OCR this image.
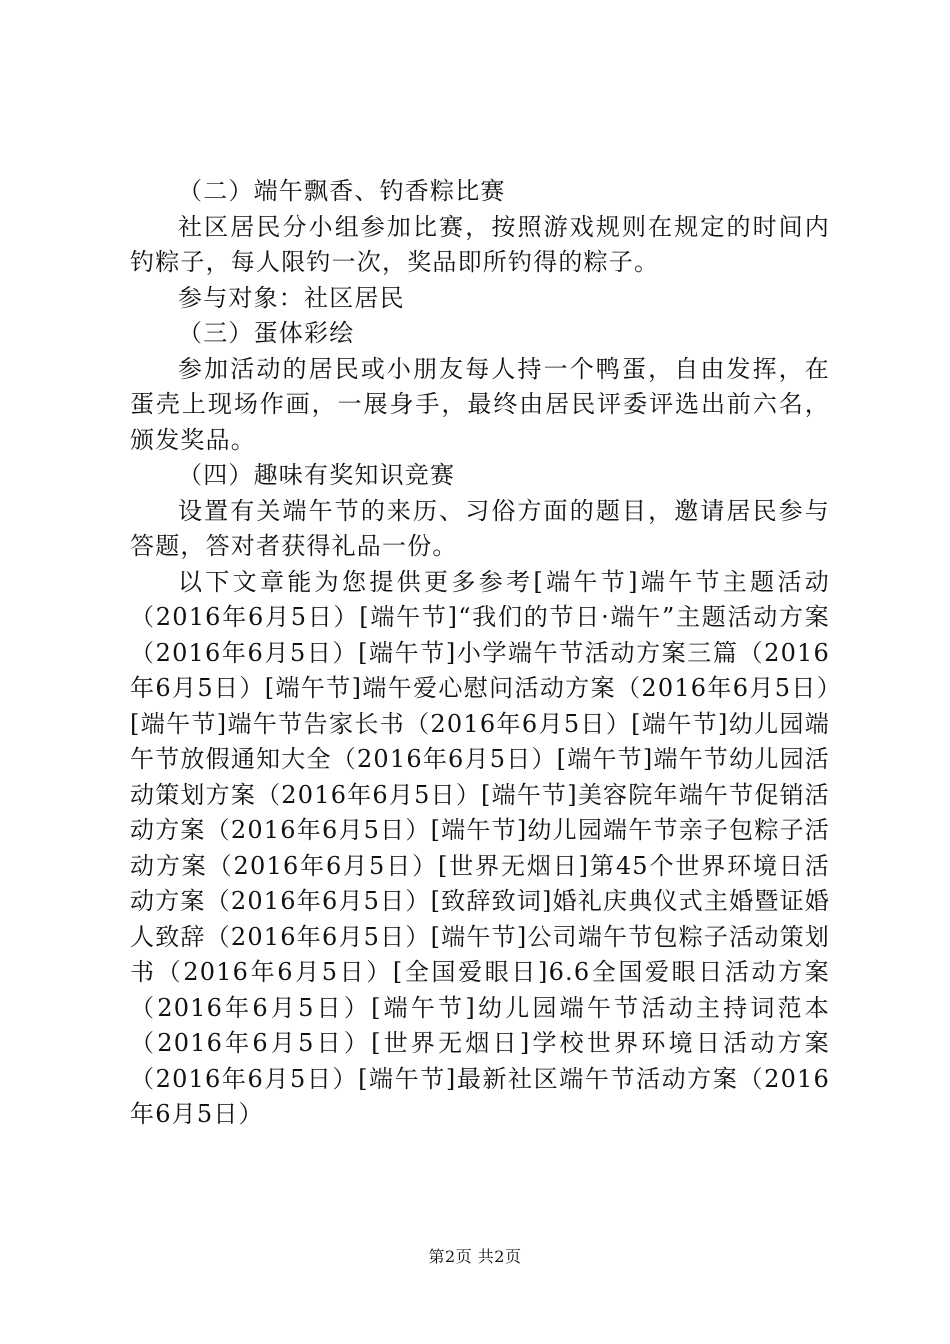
（二）端午飘香、钓香粽比赛

社区居民分小组参加比赛，按照游戏规则在规定的时间内钓粽子，每人限钓一次，奖品即所钓得的粽子。

参与对象：社区居民

（三）蛋体彩绘

参加活动的居民或小朋友每人持一个鸭蛋，自由发挥，在蛋壳上现场作画，一展身手，最终由居民评委评选出前六名，颁发奖品。

（四）趣味有奖知识竞赛

设置有关端午节的来历、习俗方面的题目，邀请居民参与答题，答对者获得礼品一份。

以下文章能为您提供更多参考[端午节]端午节主题活动（2016年6月5日）[端午节]“我们的节日·端午”主题活动方案（2016年6月5日）[端午节]小学端午节活动方案三篇（2016年6月5日）[端午节]端午爱心慰问活动方案（2016年6月5日）[端午节]端午节告家长书（2016年6月5日）[端午节]幼儿园端午节放假通知大全（2016年6月5日）[端午节]端午节幼儿园活动策划方案（2016年6月5日）[端午节]美容院年端午节促销活动方案（2016年6月5日）[端午节]幼儿园端午节亲子包粽子活动方案（2016年6月5日）[世界无烟日]第45个世界环境日活动方案（2016年6月5日）[致辞致词]婚礼庆典仪式主婚暨证婚人致辞（2016年6月5日）[端午节]公司端午节包粽子活动策划书（2016年6月5日）[全国爱眼日]6.6全国爱眼日活动方案（2016年6月5日）[端午节]幼儿园端午节活动主持词范本（2016年6月5日）[世界无烟日]学校世界环境日活动方案（2016年6月5日）[端午节]最新社区端午节活动方案（2016年6月5日）

第2页 共2页
